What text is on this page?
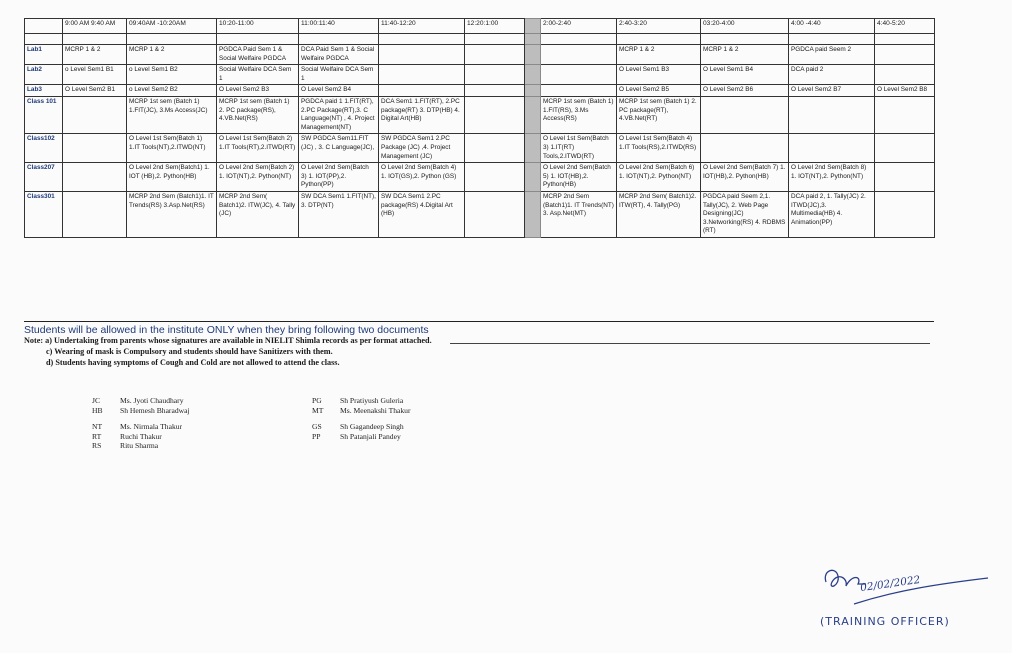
	9:00 AM 9:40 AM	09:40AM -10:20AM	10:20-11:00	11:00:11:40	11:40-12:20	12:20:1:00		2:00-2:40	2:40-3:20	03:20-4:00	4:00 -4:40	4:40-5:20

Lab1	MCRP 1 & 2	MCRP 1 & 2	PGDCA Paid Sem 1 & Social Welfaire PGDCA	DCA Paid Sem 1 & Social Welfaire PGDCA					MCRP 1 & 2	MCRP 1 & 2	PGDCA paid Seem 2	
Lab2	o Level Sem1 B1	o Level Sem1 B2	Social Welfaire DCA Sem 1	Social Welfaire DCA Sem 1					O Level Sem1 B3	O Level Sem1 B4	DCA paid 2	
Lab3	O Level Sem2 B1	o Level Sem2 B2	O Level Sem2 B3	O Level Sem2 B4					O Level Sem2 B5	O Level Sem2 B6	O Level Sem2 B7	O Level Sem2 B8
Class 101		MCRP 1st sem (Batch 1) 1.FIT(JC), 3.Ms Access(JC)	MCRP 1st sem (Batch 1) 2. PC package(RS), 4.VB.Net(RS)	PGDCA paid 1 1.FIT(RT), 2.PC Package(RT),3. C Language(NT) , 4. Project Management(NT)	DCA Sem1 1.FIT(RT), 2.PC package(RT) 3. DTP(HB) 4. Digital Art(HB)			MCRP 1st sem (Batch 1) 1.FIT(RS), 3.Ms Access(RS)	MCRP 1st sem (Batch 1) 2. PC package(RT), 4.VB.Net(RT)			
Class102		O Level 1st Sem(Batch 1) 1.IT Tools(NT),2.ITWD(NT)	O Level 1st Sem(Batch 2) 1.IT Tools(RT),2.ITWD(RT)	SW PGDCA Sem11.FIT (JC) , 3. C Language(JC),	SW PGDCA Sem1 2.PC Package (JC) ,4. Project Management (JC)			O Level 1st Sem(Batch 3) 1.IT(RT) Tools,2.ITWD(RT)	O Level 1st Sem(Batch 4) 1.IT Tools(RS),2.ITWD(RS)			
Class207		O Level 2nd Sem(Batch1) 1. IOT (HB),2. Python(HB)	O Level 2nd Sem(Batch 2) 1. IOT(NT),2. Python(NT)	O Level 2nd Sem(Batch 3) 1. IOT(PP),2. Python(PP)	O Level 2nd Sem(Batch 4) 1. IOT(GS),2. Python (GS)			O Level 2nd Sem(Batch 5) 1. IOT(HB),2. Python(HB)	O Level 2nd Sem(Batch 6) 1. IOT(NT),2. Python(NT)	O Level 2nd Sem(Batch 7) 1. IOT(HB),2. Python(HB)	O Level 2nd Sem(Batch 8) 1. IOT(NT),2. Python(NT)	
Class301		MCRP 2nd Sem (Batch1)1. IT Trends(RS) 3.Asp.Net(RS)	MCRP 2nd Sem( Batch1)2. ITW(JC), 4. Tally (JC)	SW DCA Sem1 1.FIT(NT), 3. DTP(NT)	SW DCA Sem1 2.PC package(RS) 4.Digital Art (HB)			MCRP 2nd Sem (Batch1)1. IT Trends(NT) 3. Asp.Net(MT)	MCRP 2nd Sem( Batch1)2. ITW(RT), 4. Tally(PG)	PGDCA paid Seem 2,1. Tally(JC), 2. Web Page Designing(JC) 3.Networking(RS) 4. RDBMS (RT)	DCA paid 2, 1. Tally(JC) 2. ITWD(JC),3. Multimedia(HB) 4. Animation(PP)	
Students will be allowed in the institute ONLY when they bring following two documents
Note: a) Undertaking from parents whose signatures are available in NIELIT Shimla records as per format attached.
c) Wearing of mask is Compulsory and students should have Sanitizers with them.
d) Students having symptoms of Cough and Cold are not allowed to attend the class.
JC	Ms. Jyoti Chaudhary
HB Sh Hemesh Bharadwaj
NT Ms. Nirmala Thakur
RT Ruchi Thakur
RS Ritu Sharma
PG Sh Pratiyush Guleria
MT Ms. Meenakshi Thakur
GS Sh Gagandeep Singh
PP	Sh Patanjali Pandey
02/02/2022
(TRAINING OFFICER)
